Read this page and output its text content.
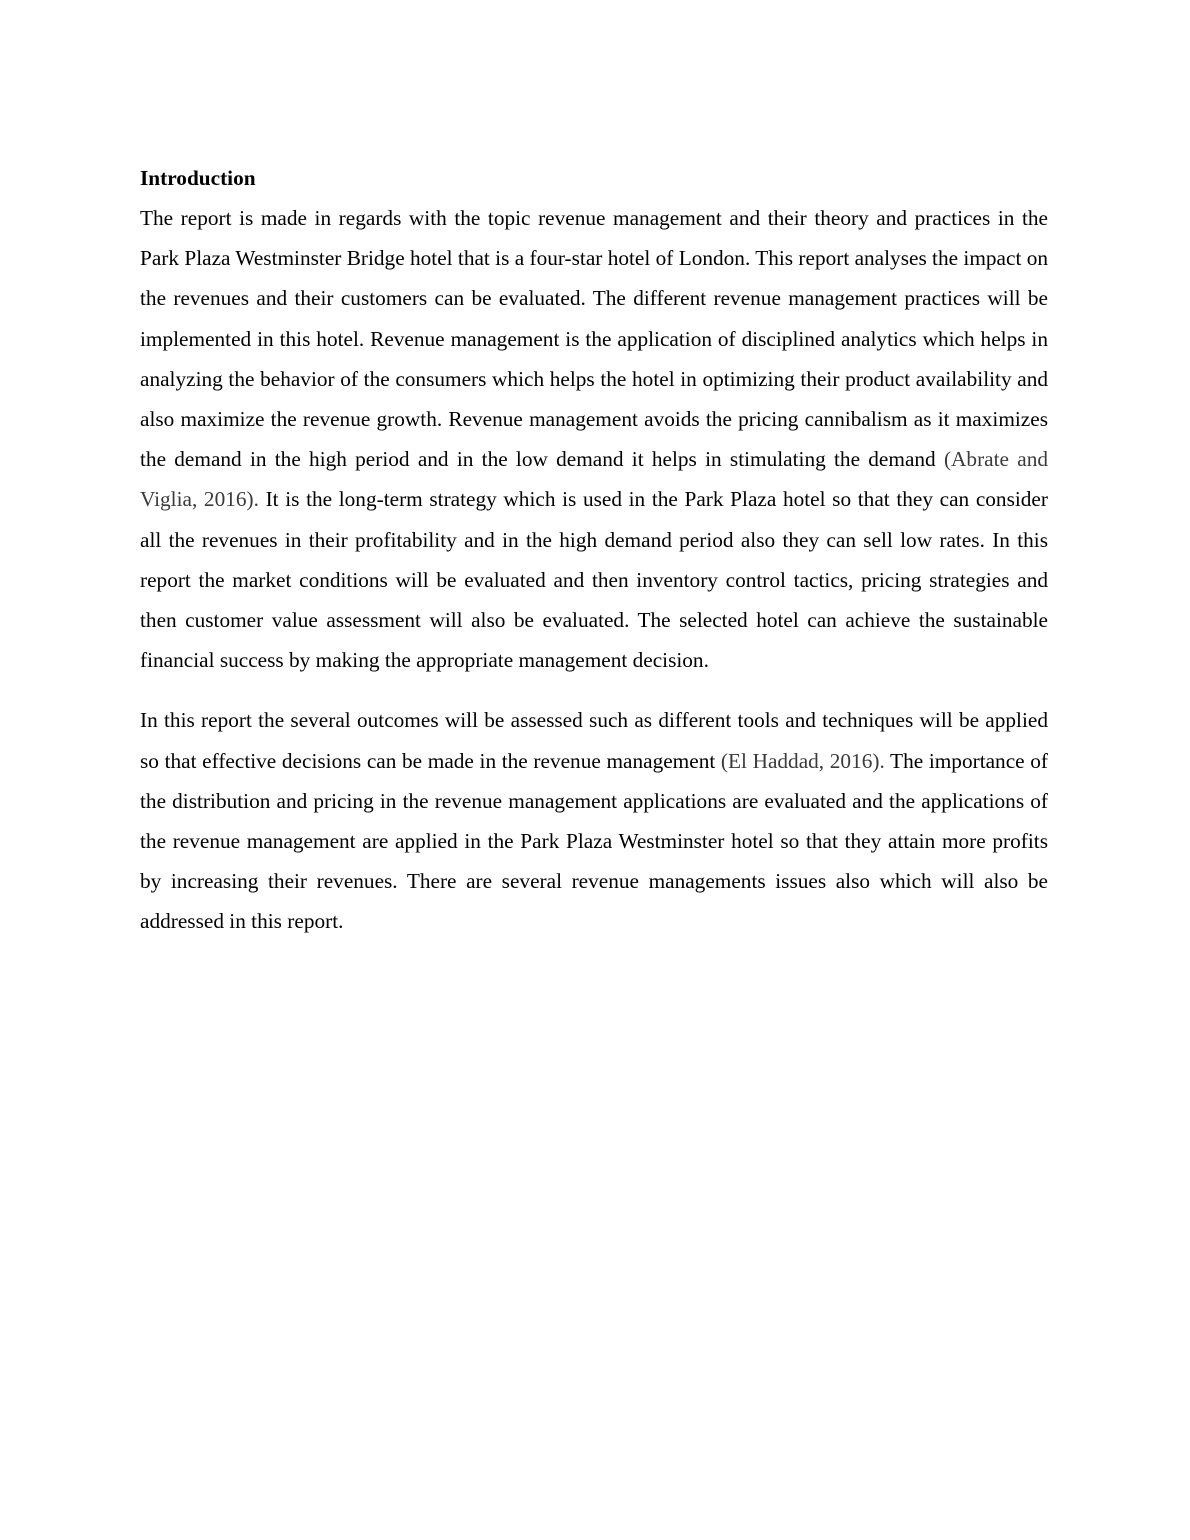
Introduction

The report is made in regards with the topic revenue management and their theory and practices in the Park Plaza Westminster Bridge hotel that is a four-star hotel of London. This report analyses the impact on the revenues and their customers can be evaluated. The different revenue management practices will be implemented in this hotel. Revenue management is the application of disciplined analytics which helps in analyzing the behavior of the consumers which helps the hotel in optimizing their product availability and also maximize the revenue growth. Revenue management avoids the pricing cannibalism as it maximizes the demand in the high period and in the low demand it helps in stimulating the demand (Abrate and Viglia, 2016). It is the long-term strategy which is used in the Park Plaza hotel so that they can consider all the revenues in their profitability and in the high demand period also they can sell low rates. In this report the market conditions will be evaluated and then inventory control tactics, pricing strategies and then customer value assessment will also be evaluated. The selected hotel can achieve the sustainable financial success by making the appropriate management decision.

In this report the several outcomes will be assessed such as different tools and techniques will be applied so that effective decisions can be made in the revenue management (El Haddad, 2016). The importance of the distribution and pricing in the revenue management applications are evaluated and the applications of the revenue management are applied in the Park Plaza Westminster hotel so that they attain more profits by increasing their revenues. There are several revenue managements issues also which will also be addressed in this report.
